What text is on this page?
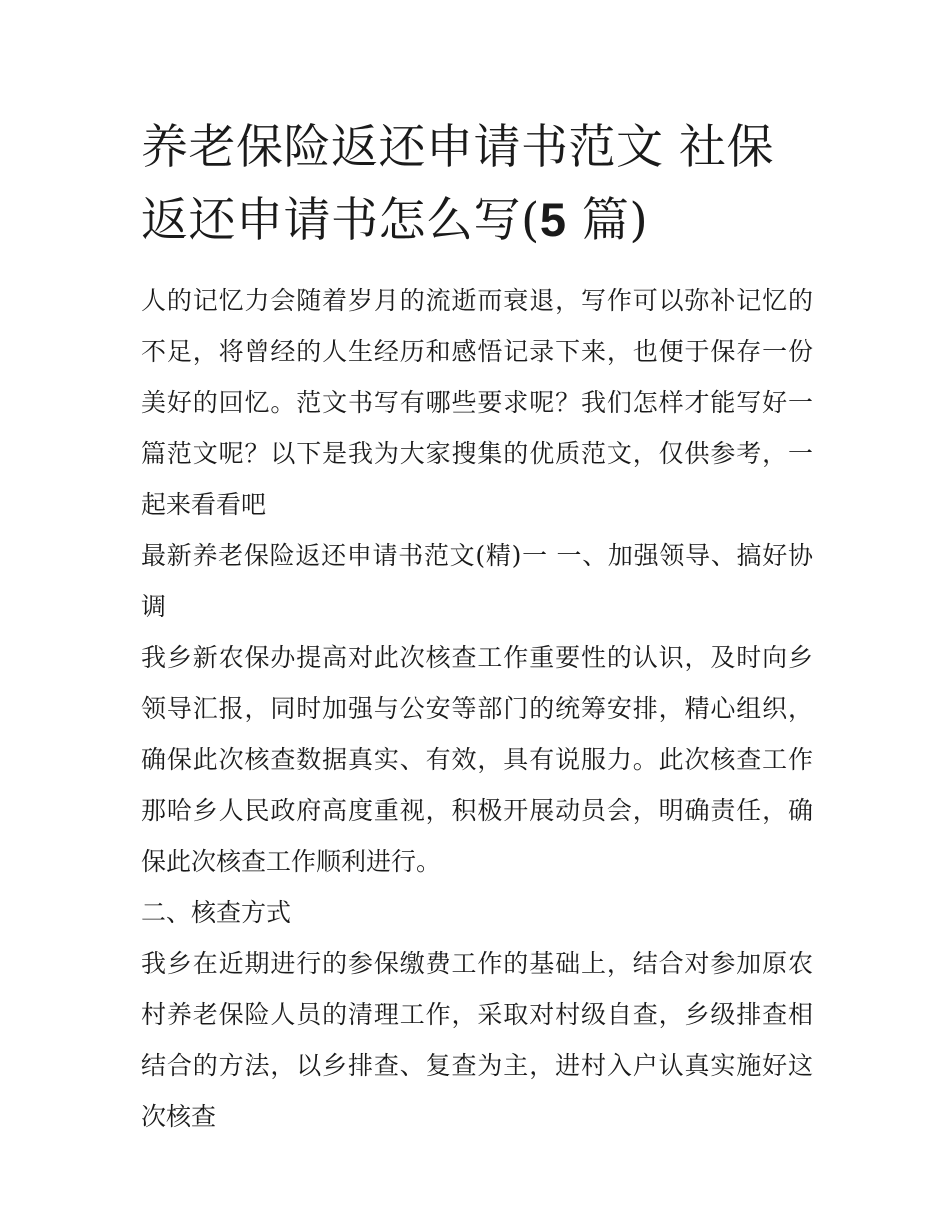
养老保险返还申请书范文 社保返还申请书怎么写(5 篇)

人的记忆力会随着岁月的流逝而衰退，写作可以弥补记忆的不足，将曾经的人生经历和感悟记录下来，也便于保存一份美好的回忆。范文书写有哪些要求呢？我们怎样才能写好一篇范文呢？以下是我为大家搜集的优质范文，仅供参考，一起来看看吧

最新养老保险返还申请书范文(精)一 一、加强领导、搞好协调

我乡新农保办提高对此次核查工作重要性的认识，及时向乡领导汇报，同时加强与公安等部门的统筹安排，精心组织，确保此次核查数据真实、有效，具有说服力。此次核查工作那哈乡人民政府高度重视，积极开展动员会，明确责任，确保此次核查工作顺利进行。

二、核查方式

我乡在近期进行的参保缴费工作的基础上，结合对参加原农村养老保险人员的清理工作，采取对村级自查，乡级排查相结合的方法，以乡排查、复查为主，进村入户认真实施好这次核查
